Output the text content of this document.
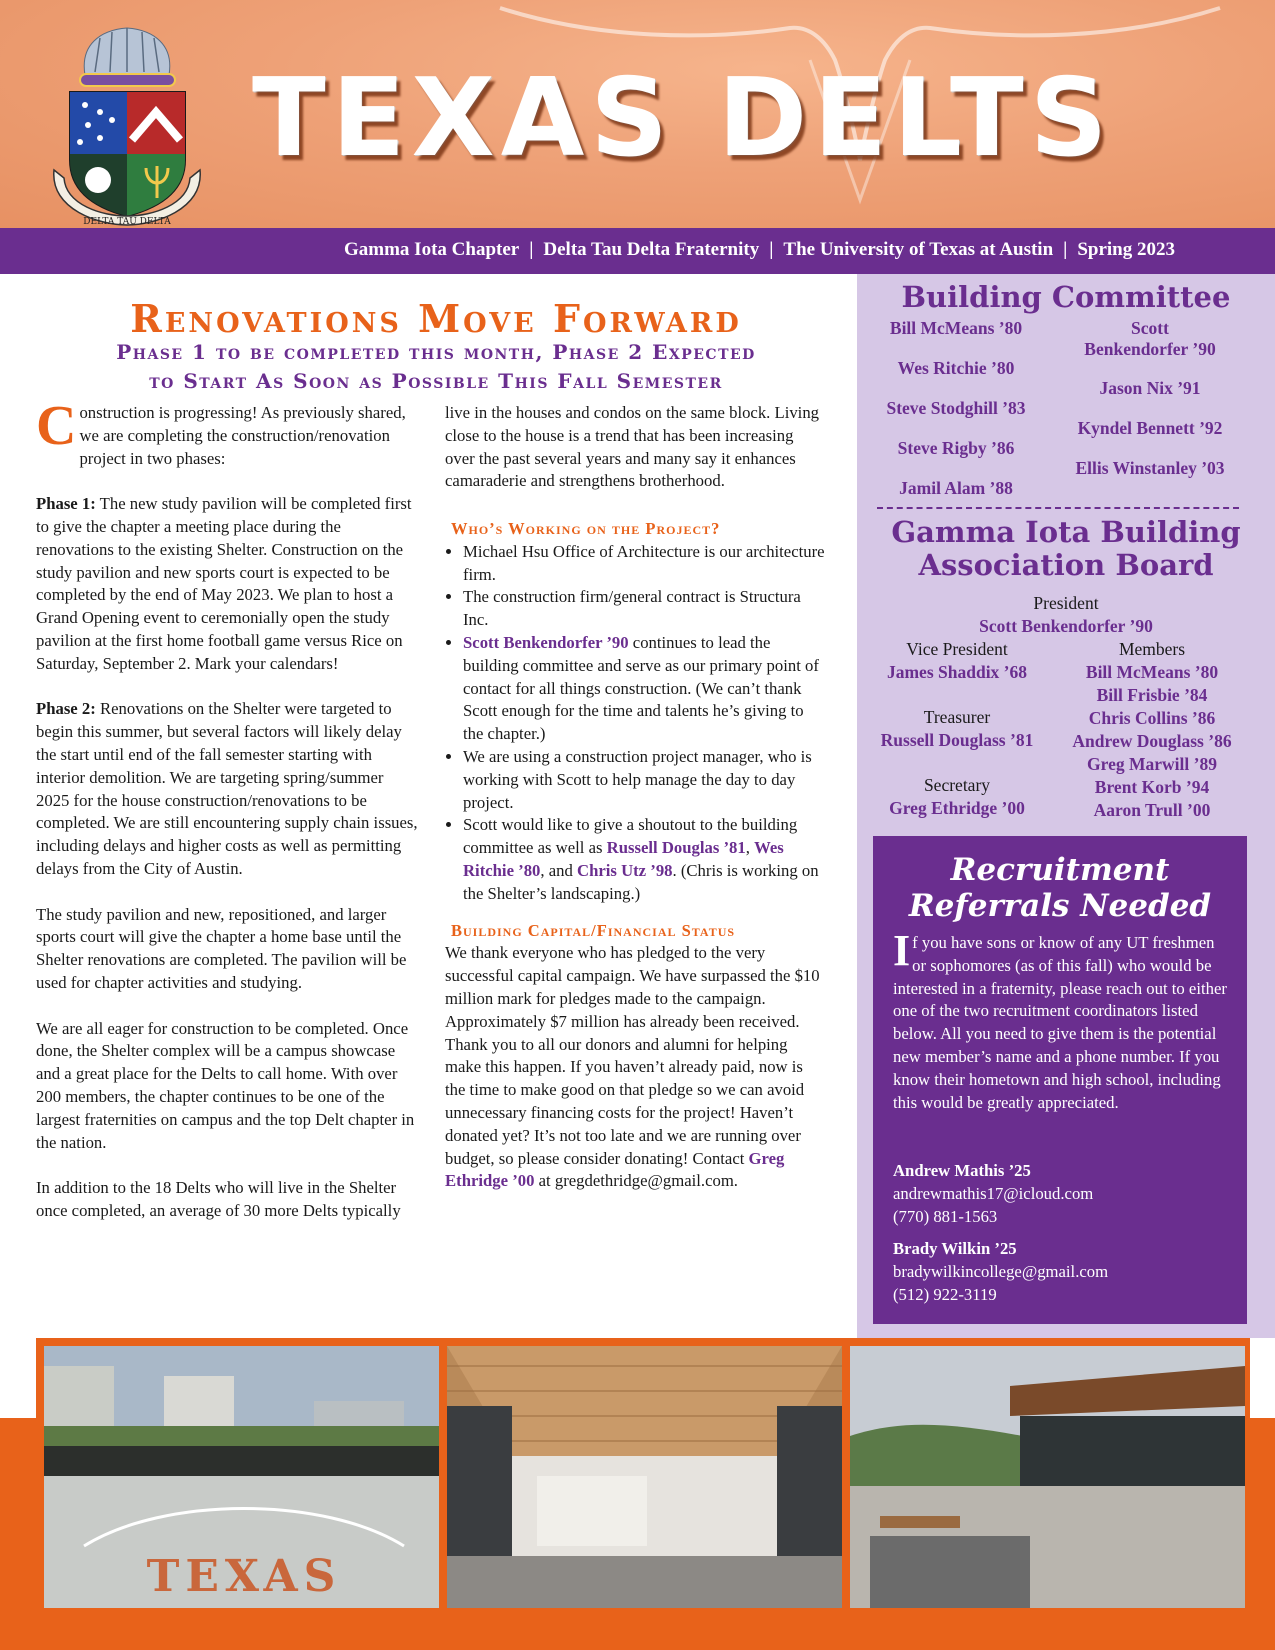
DELTA TAU DELTA
TEXAS DELTS
Gamma Iota Chapter | Delta Tau Delta Fraternity | The University of Texas at Austin | Spring 2023
Renovations Move Forward
Phase 1 to be completed this month, Phase 2 Expected
to Start As Soon as Possible This Fall Semester

Construction is progressing! As previously shared, we are completing the construction/renovation project in two phases:

Phase 1: The new study pavilion will be completed first to give the chapter a meeting place during the renovations to the existing Shelter. Construction on the study pavilion and new sports court is expected to be completed by the end of May 2023. We plan to host a Grand Opening event to ceremonially open the study pavilion at the first home football game versus Rice on Saturday, September 2. Mark your calendars!

Phase 2: Renovations on the Shelter were targeted to begin this summer, but several factors will likely delay the start until end of the fall semester starting with interior demolition. We are targeting spring/summer 2025 for the house construction/renovations to be completed. We are still encountering supply chain issues, including delays and higher costs as well as permitting delays from the City of Austin.

The study pavilion and new, repositioned, and larger sports court will give the chapter a home base until the Shelter renovations are completed. The pavilion will be used for chapter activities and studying.

We are all eager for construction to be completed. Once done, the Shelter complex will be a campus showcase and a great place for the Delts to call home. With over 200 members, the chapter continues to be one of the largest fraternities on campus and the top Delt chapter in the nation.

In addition to the 18 Delts who will live in the Shelter once completed, an average of 30 more Delts typically

live in the houses and condos on the same block. Living close to the house is a trend that has been increasing over the past several years and many say it enhances camaraderie and strengthens brotherhood.

Who’s Working on the Project?
• Michael Hsu Office of Architecture is our architecture firm.
• The construction firm/general contract is Structura Inc.
• Scott Benkendorfer ’90 continues to lead the building committee and serve as our primary point of contact for all things construction. (We can’t thank Scott enough for the time and talents he’s giving to the chapter.)
• We are using a construction project manager, who is working with Scott to help manage the day to day project.
• Scott would like to give a shoutout to the building committee as well as Russell Douglas ’81, Wes Ritchie ’80, and Chris Utz ’98. (Chris is working on the Shelter’s landscaping.)
Building Capital/Financial Status

We thank everyone who has pledged to the very successful capital campaign. We have surpassed the $10 million mark for pledges made to the campaign. Approximately $7 million has already been received. Thank you to all our donors and alumni for helping make this happen. If you haven’t already paid, now is the time to make good on that pledge so we can avoid unnecessary financing costs for the project! Haven’t donated yet? It’s not too late and we are running over budget, so please consider donating! Contact Greg Ethridge ’00 at gregdethridge@gmail.com.

Building Committee
Bill McMeans ’80
Wes Ritchie ’80
Steve Stodghill ’83
Steve Rigby ’86
Jamil Alam ’88
Scott
Benkendorfer ’90
Jason Nix ’91
Kyndel Bennett ’92
Ellis Winstanley ’03
Gamma Iota Building
Association Board
President
Scott Benkendorfer ’90
Vice President
James Shaddix ’68
Treasurer
Russell Douglass ’81
Secretary
Greg Ethridge ’00
Members
Bill McMeans ’80
Bill Frisbie ’84
Chris Collins ’86
Andrew Douglass ’86
Greg Marwill ’89
Brent Korb ’94
Aaron Trull ’00
Recruitment
Referrals Needed
If you have sons or know of any UT freshmen or sophomores (as of this fall) who would be interested in a fraternity, please reach out to either one of the two recruitment coordinators listed below. All you need to give them is the potential new member’s name and a phone number. If you know their hometown and high school, including this would be greatly appreciated.
Andrew Mathis ’25
andrewmathis17@icloud.com
(770) 881-1563
Brady Wilkin ’25
bradywilkincollege@gmail.com
(512) 922-3119
TEXAS
